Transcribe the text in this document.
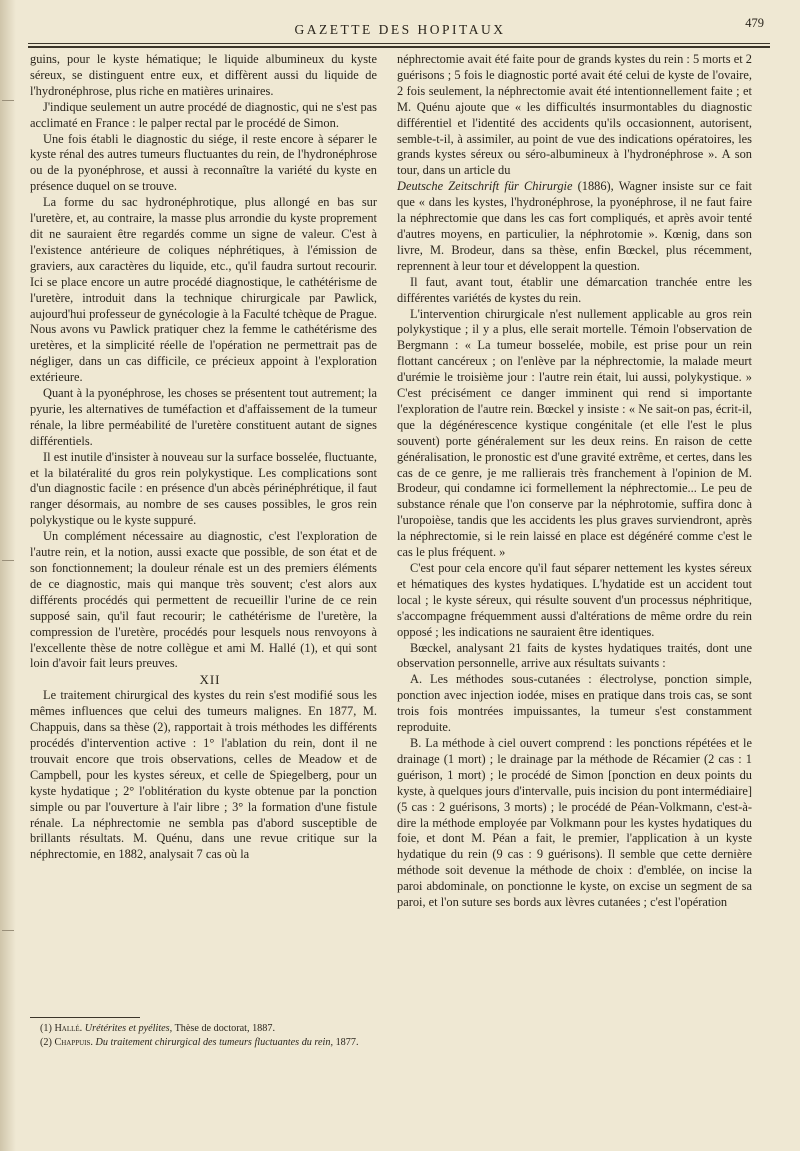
GAZETTE DES HOPITAUX	479

guins, pour le kyste hématique; le liquide albumineux du kyste séreux, se distinguent entre eux, et diffèrent aussi du liquide de l'hydronéphrose, plus riche en matières urinaires.

J'indique seulement un autre procédé de diagnostic, qui ne s'est pas acclimaté en France : le palper rectal par le procédé de Simon.

Une fois établi le diagnostic du siége, il reste encore à séparer le kyste rénal des autres tumeurs fluctuantes du rein, de l'hydronéphrose ou de la pyonéphrose, et aussi à reconnaître la variété du kyste en présence duquel on se trouve.

La forme du sac hydronéphrotique, plus allongé en bas sur l'uretère, et, au contraire, la masse plus arrondie du kyste proprement dit ne sauraient être regardés comme un signe de valeur. C'est à l'existence antérieure de coliques néphrétiques, à l'émission de graviers, aux caractères du liquide, etc., qu'il faudra surtout recourir. Ici se place encore un autre procédé diagnostique, le cathétérisme de l'uretère, introduit dans la technique chirurgicale par Pawlick, aujourd'hui professeur de gynécologie à la Faculté tchèque de Prague. Nous avons vu Pawlick pratiquer chez la femme le cathétérisme des uretères, et la simplicité réelle de l'opération ne permettrait pas de négliger, dans un cas difficile, ce précieux appoint à l'exploration extérieure.

Quant à la pyonéphrose, les choses se présentent tout autrement; la pyurie, les alternatives de tuméfaction et d'affaissement de la tumeur rénale, la libre perméabilité de l'uretère constituent autant de signes différentiels.

Il est inutile d'insister à nouveau sur la surface bosselée, fluctuante, et la bilatéralité du gros rein polykystique. Les complications sont d'un diagnostic facile : en présence d'un abcès périnéphrétique, il faut ranger désormais, au nombre de ses causes possibles, le gros rein polykystique ou le kyste suppuré.

Un complément nécessaire au diagnostic, c'est l'exploration de l'autre rein, et la notion, aussi exacte que possible, de son état et de son fonctionnement; la douleur rénale est un des premiers éléments de ce diagnostic, mais qui manque très souvent; c'est alors aux différents procédés qui permettent de recueillir l'urine de ce rein supposé sain, qu'il faut recourir; le cathétérisme de l'uretère, la compression de l'uretère, procédés pour lesquels nous renvoyons à l'excellente thèse de notre collègue et ami M. Hallé (1), et qui sont loin d'avoir fait leurs preuves.

XII

Le traitement chirurgical des kystes du rein s'est modifié sous les mêmes influences que celui des tumeurs malignes. En 1877, M. Chappuis, dans sa thèse (2), rapportait à trois méthodes les différents procédés d'intervention active : 1° l'ablation du rein, dont il ne trouvait encore que trois observations, celles de Meadow et de Campbell, pour les kystes séreux, et celle de Spiegelberg, pour un kyste hydatique ; 2° l'oblitération du kyste obtenue par la ponction simple ou par l'ouverture à l'air libre ; 3° la formation d'une fistule rénale. La néphrectomie ne sembla pas d'abord susceptible de brillants résultats. M. Quénu, dans une revue critique sur la néphrectomie, en 1882, analysait 7 cas où la

(1) Hallé. Urétérites et pyélites, Thèse de doctorat, 1887.

(2) Chappuis. Du traitement chirurgical des tumeurs fluctuantes du rein, 1877.

néphrectomie avait été faite pour de grands kystes du rein : 5 morts et 2 guérisons ; 5 fois le diagnostic porté avait été celui de kyste de l'ovaire, 2 fois seulement, la néphrectomie avait été intentionnellement faite ; et M. Quénu ajoute que « les difficultés insurmontables du diagnostic différentiel et l'identité des accidents qu'ils occasionnent, autorisent, semble-t-il, à assimiler, au point de vue des indications opératoires, les grands kystes séreux ou séro-albumineux à l'hydronéphrose ». A son tour, dans un article du

Deutsche Zeitschrift für Chirurgie (1886), Wagner insiste sur ce fait que « dans les kystes, l'hydronéphrose, la pyonéphrose, il ne faut faire la néphrectomie que dans les cas fort compliqués, et après avoir tenté d'autres moyens, en particulier, la néphrotomie ». Kœnig, dans son livre, M. Brodeur, dans sa thèse, enfin Bœckel, plus récemment, reprennent à leur tour et développent la question.

Il faut, avant tout, établir une démarcation tranchée entre les différentes variétés de kystes du rein.

L'intervention chirurgicale n'est nullement applicable au gros rein polykystique ; il y a plus, elle serait mortelle. Témoin l'observation de Bergmann : « La tumeur bosselée, mobile, est prise pour un rein flottant cancéreux ; on l'enlève par la néphrectomie, la malade meurt d'urémie le troisième jour : l'autre rein était, lui aussi, polykystique. » C'est précisément ce danger imminent qui rend si importante l'exploration de l'autre rein. Bœckel y insiste : « Ne sait-on pas, écrit-il, que la dégénérescence kystique congénitale (et elle l'est le plus souvent) porte généralement sur les deux reins. En raison de cette généralisation, le pronostic est d'une gravité extrême, et certes, dans les cas de ce genre, je me rallierais très franchement à l'opinion de M. Brodeur, qui condamne ici formellement la néphrectomie... Le peu de substance rénale que l'on conserve par la néphrotomie, suffira donc à l'uropoièse, tandis que les accidents les plus graves surviendront, après la néphrectomie, si le rein laissé en place est dégénéré comme c'est le cas le plus fréquent. »

C'est pour cela encore qu'il faut séparer nettement les kystes séreux et hématiques des kystes hydatiques. L'hydatide est un accident tout local ; le kyste séreux, qui résulte souvent d'un processus néphritique, s'accompagne fréquemment aussi d'altérations de même ordre du rein opposé ; les indications ne sauraient être identiques.

Bœckel, analysant 21 faits de kystes hydatiques traités, dont une observation personnelle, arrive aux résultats suivants :

A. Les méthodes sous-cutanées : électrolyse, ponction simple, ponction avec injection iodée, mises en pratique dans trois cas, se sont trois fois montrées impuissantes, la tumeur s'est constamment reproduite.

B. La méthode à ciel ouvert comprend : les ponctions répétées et le drainage (1 mort) ; le drainage par la méthode de Récamier (2 cas : 1 guérison, 1 mort) ; le procédé de Simon [ponction en deux points du kyste, à quelques jours d'intervalle, puis incision du pont intermédiaire] (5 cas : 2 guérisons, 3 morts) ; le procédé de Péan-Volkmann, c'est-à-dire la méthode employée par Volkmann pour les kystes hydatiques du foie, et dont M. Péan a fait, le premier, l'application à un kyste hydatique du rein (9 cas : 9 guérisons). Il semble que cette dernière méthode soit devenue la méthode de choix : d'emblée, on incise la paroi abdominale, on ponctionne le kyste, on excise un segment de sa paroi, et l'on suture ses bords aux lèvres cutanées ; c'est l'opération
